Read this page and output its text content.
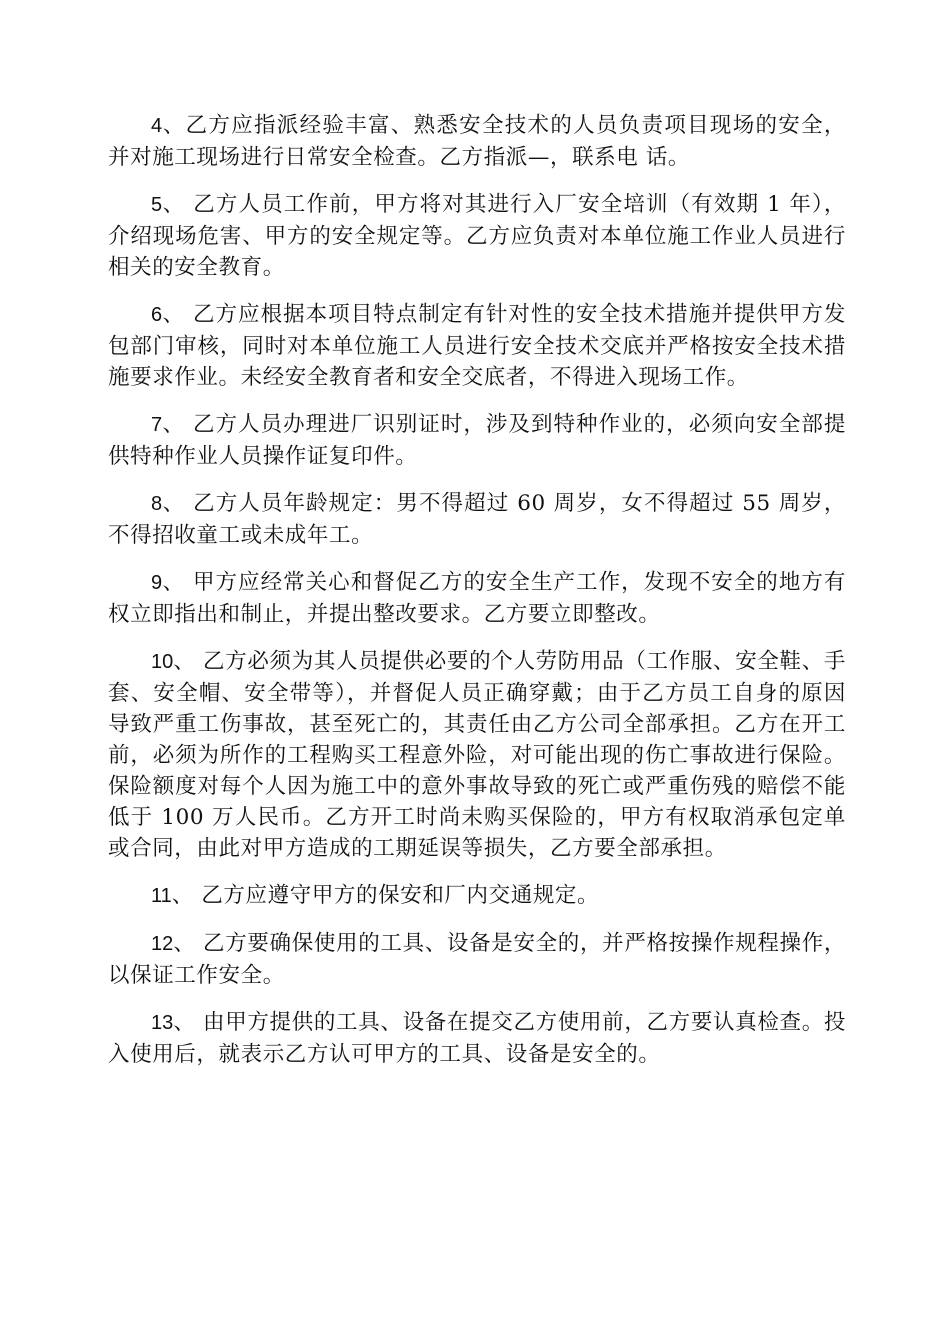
4、乙方应指派经验丰富、熟悉安全技术的人员负责项目现场的安全，并对施工现场进行日常安全检查。乙方指派—，联系电 话。

5、 乙方人员工作前，甲方将对其进行入厂安全培训（有效期 1 年），介绍现场危害、甲方的安全规定等。乙方应负责对本单位施工作业人员进行相关的安全教育。

6、 乙方应根据本项目特点制定有针对性的安全技术措施并提供甲方发包部门审核，同时对本单位施工人员进行安全技术交底并严格按安全技术措施要求作业。未经安全教育者和安全交底者，不得进入现场工作。

7、 乙方人员办理进厂识别证时，涉及到特种作业的，必须向安全部提供特种作业人员操作证复印件。

8、 乙方人员年龄规定：男不得超过 60 周岁，女不得超过 55 周岁，不得招收童工或未成年工。

9、 甲方应经常关心和督促乙方的安全生产工作，发现不安全的地方有权立即指出和制止，并提出整改要求。乙方要立即整改。

10、 乙方必须为其人员提供必要的个人劳防用品（工作服、安全鞋、手套、安全帽、安全带等），并督促人员正确穿戴；由于乙方员工自身的原因导致严重工伤事故，甚至死亡的，其责任由乙方公司全部承担。乙方在开工前，必须为所作的工程购买工程意外险，对可能出现的伤亡事故进行保险。保险额度对每个人因为施工中的意外事故导致的死亡或严重伤残的赔偿不能低于 100 万人民币。乙方开工时尚未购买保险的，甲方有权取消承包定单或合同，由此对甲方造成的工期延误等损失，乙方要全部承担。

11、 乙方应遵守甲方的保安和厂内交通规定。

12、 乙方要确保使用的工具、设备是安全的，并严格按操作规程操作，以保证工作安全。

13、 由甲方提供的工具、设备在提交乙方使用前，乙方要认真检查。投入使用后，就表示乙方认可甲方的工具、设备是安全的。
